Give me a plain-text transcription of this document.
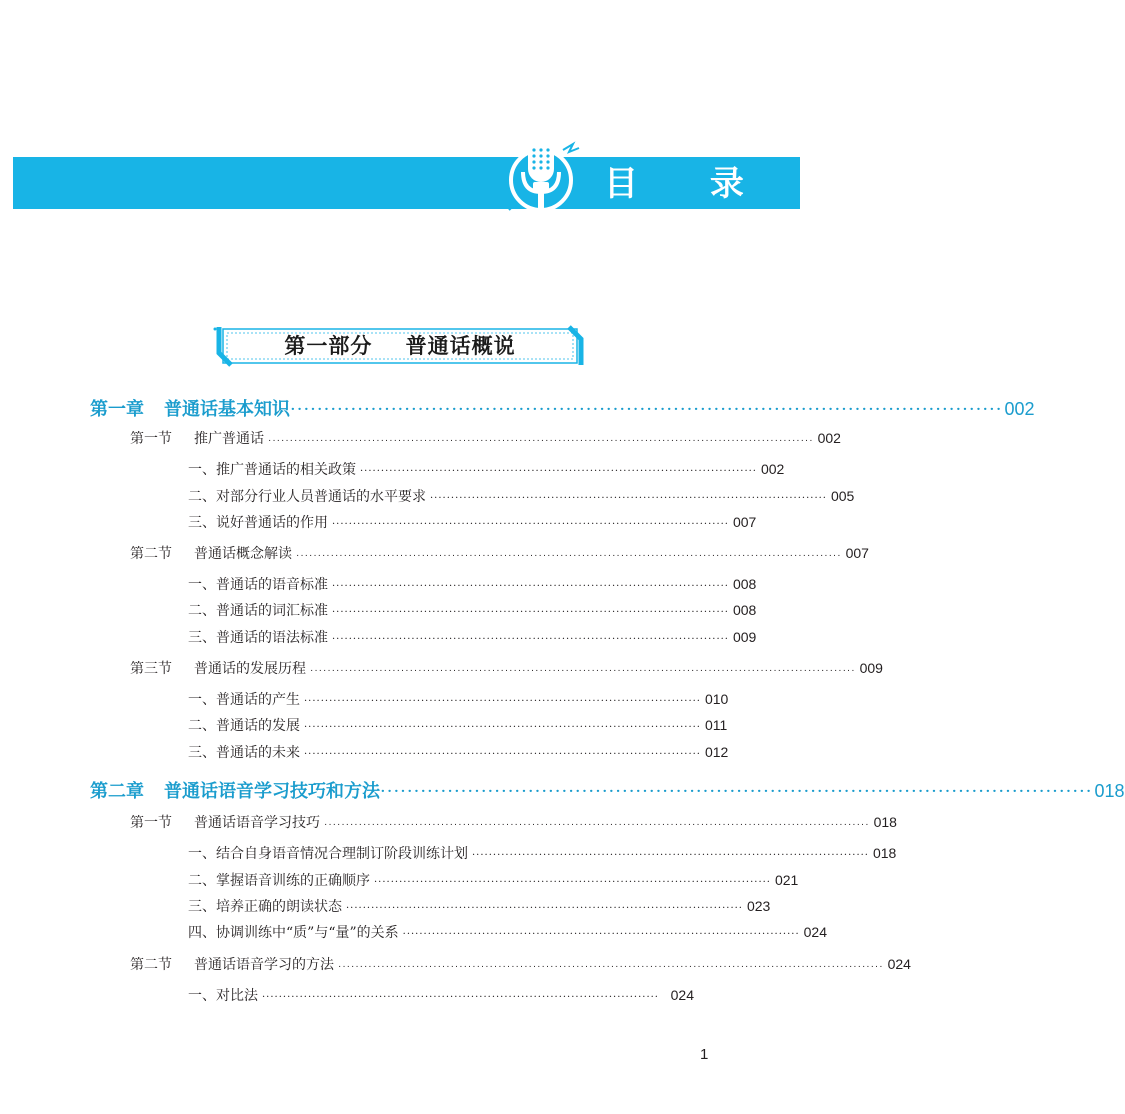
目 录
第一部分    普通话概说
第一章 普通话基本知识 ·········································································································· 002
第一节 推广普通话 ······························································································································ 002
一、推广普通话的相关政策 ······························································································· 002
二、对部分行业人员普通话的水平要求 ······························································································· 005
三、说好普通话的作用 ······························································································· 007
第二节 普通话概念解读 ······························································································································ 007
一、普通话的语音标准 ······························································································· 008
二、普通话的词汇标准 ······························································································· 008
三、普通话的语法标准 ······························································································· 009
第三节 普通话的发展历程 ······························································································································ 009
一、普通话的产生 ······························································································· 010
二、普通话的发展 ······························································································· 011
三、普通话的未来 ······························································································· 012
第二章 普通话语音学习技巧和方法 ·········································································································· 018
第一节 普通话语音学习技巧 ······························································································································ 018
一、结合自身语音情况合理制订阶段训练计划 ······························································································· 018
二、掌握语音训练的正确顺序 ······························································································· 021
三、培养正确的朗读状态 ······························································································· 023
四、协调训练中“质”与“量”的关系 ······························································································· 024
第二节 普通话语音学习的方法 ······························································································································ 024
一、对比法 ······························································································· 024
1
